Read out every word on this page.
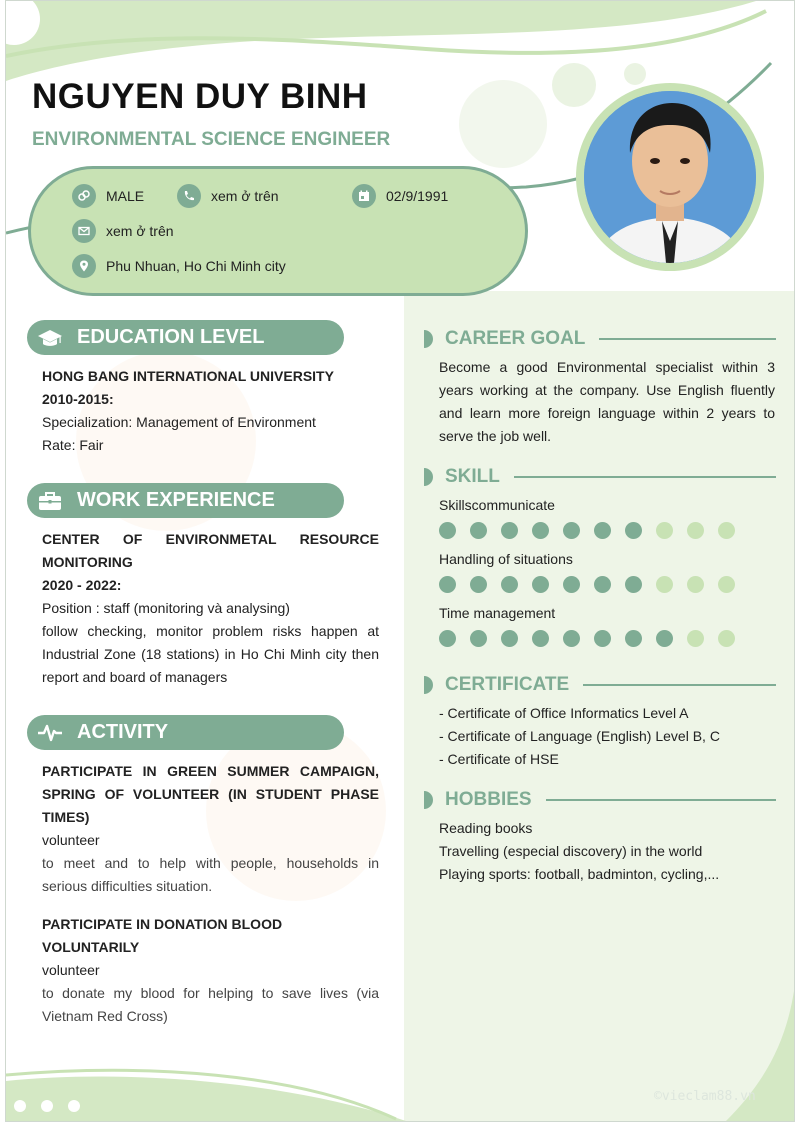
NGUYEN DUY BINH
ENVIRONMENTAL SCIENCE ENGINEER
MALE	xem ở trên	02/9/1991
xem ở trên
Phu Nhuan, Ho Chi Minh city
EDUCATION LEVEL
HONG BANG INTERNATIONAL UNIVERSITY
2010-2015:
Specialization: Management of Environment
Rate: Fair
WORK EXPERIENCE
CENTER OF ENVIRONMETAL RESOURCE MONITORING
2020 - 2022:
Position : staff (monitoring và analysing)
follow checking, monitor problem risks happen at Industrial Zone (18 stations) in Ho Chi Minh city then report and board of managers
ACTIVITY
PARTICIPATE IN GREEN SUMMER CAMPAIGN, SPRING OF VOLUNTEER (IN STUDENT PHASE TIMES)
volunteer
to meet and to help with people, households in serious difficulties situation.
PARTICIPATE IN DONATION BLOOD VOLUNTARILY
volunteer
to donate my blood for helping to save lives (via Vietnam Red Cross)
CAREER GOAL
Become a good Environmental specialist within 3 years working at the company. Use English fluently and learn more foreign language within 2 years to serve the job well.
SKILL
Skillscommunicate
Handling of situations
Time management
CERTIFICATE
- Certificate of Office Informatics Level A
- Certificate of Language (English) Level B, C
- Certificate of HSE
HOBBIES
Reading books
Travelling (especial discovery) in the world
Playing sports: football, badminton, cycling,...
©vieclam88.vn
